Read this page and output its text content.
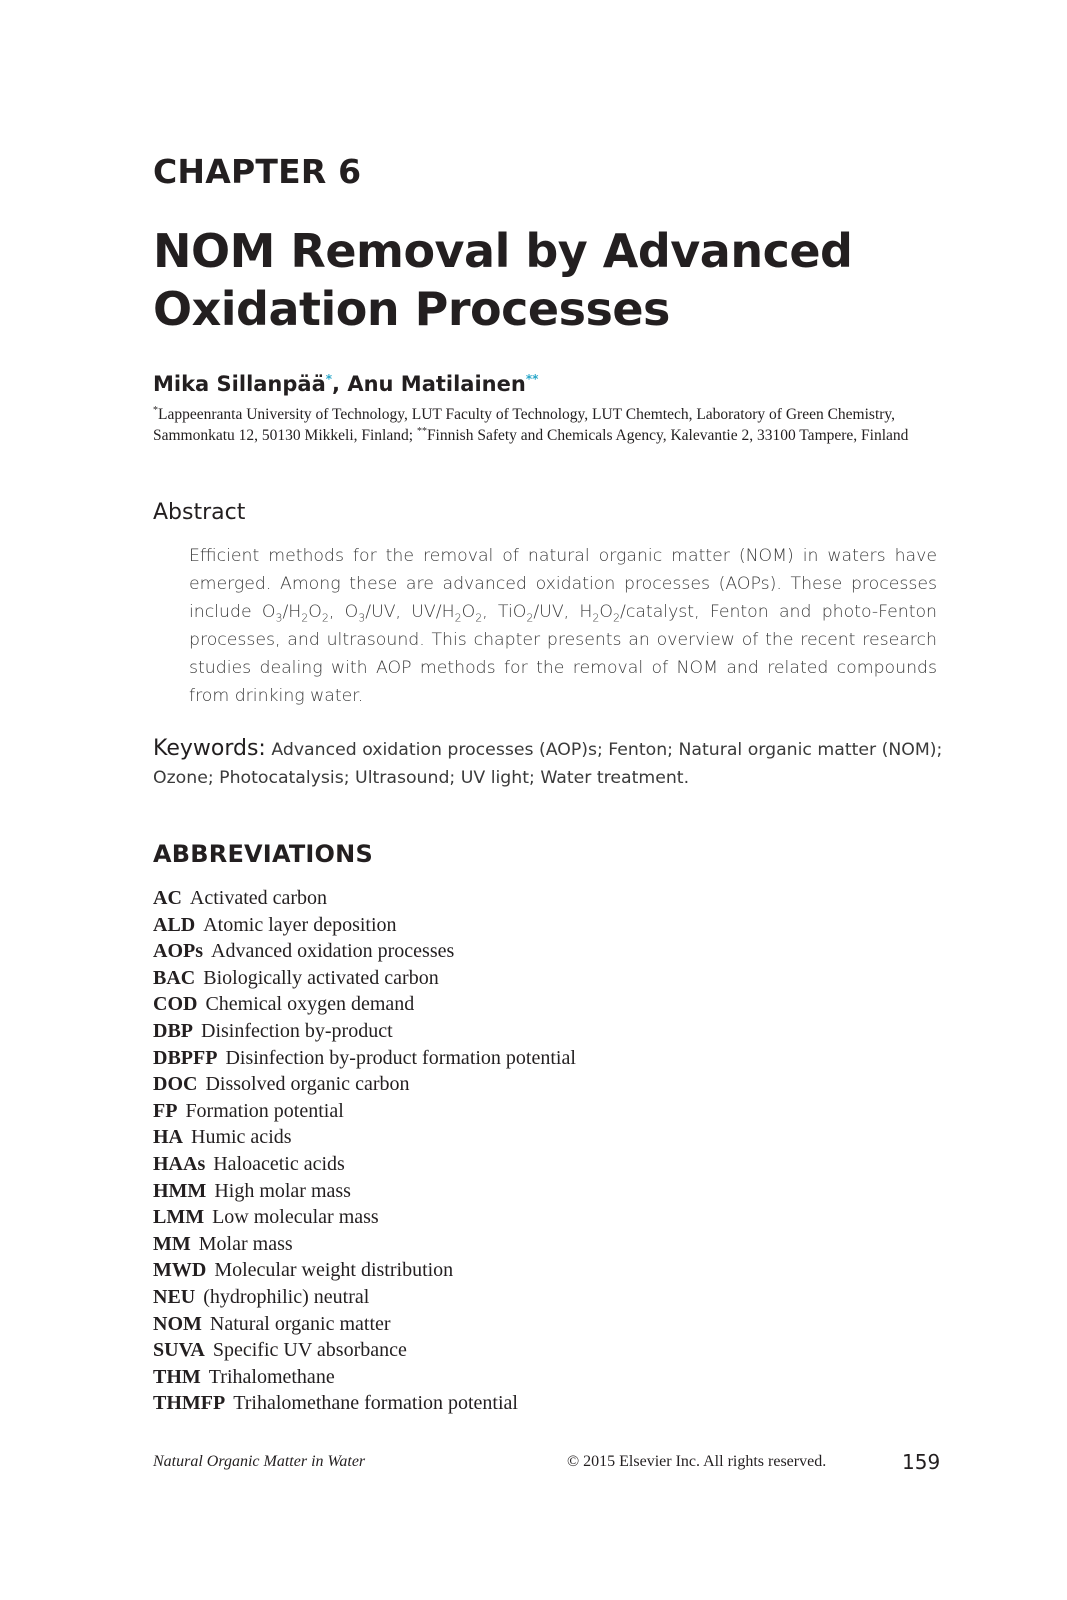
CHAPTER 6
NOM Removal by Advanced
Oxidation Processes

Mika Sillanpää*, Anu Matilainen**

*Lappeenranta University of Technology, LUT Faculty of Technology, LUT Chemtech, Laboratory of Green Chemistry, Sammonkatu 12, 50130 Mikkeli, Finland; **Finnish Safety and Chemicals Agency, Kalevantie 2, 33100 Tampere, Finland

Abstract

Efficient methods for the removal of natural organic matter (NOM) in waters have emerged. Among these are advanced oxidation processes (AOPs). These processes include $O_3/H_2O_2$, $O_3/UV$, $UV/H_2O_2$, TiO$_2$/UV, $H_2O_2$/catalyst, Fenton and photo-Fenton processes, and ultrasound. This chapter presents an overview of the recent research studies dealing with AOP methods for the removal of NOM and related compounds from drinking water.

Keywords: Advanced oxidation processes (AOP)s; Fenton; Natural organic matter (NOM); Ozone; Photocatalysis; Ultrasound; UV light; Water treatment.

ABBREVIATIONS
AC Activated carbon
ALD Atomic layer deposition
AOPs Advanced oxidation processes
BAC Biologically activated carbon
COD Chemical oxygen demand
DBP Disinfection by-product
DBPFP Disinfection by-product formation potential
DOC Dissolved organic carbon
FP Formation potential
HA Humic acids
HAAs Haloacetic acids
HMM High molar mass
LMM Low molecular mass
MM Molar mass
MWD Molecular weight distribution
NEU (hydrophilic) neutral
NOM Natural organic matter
SUVA Specific UV absorbance
THM Trihalomethane
THMFP Trihalomethane formation potential

Natural Organic Matter in Water	© 2015 Elsevier Inc. All rights reserved.	159
